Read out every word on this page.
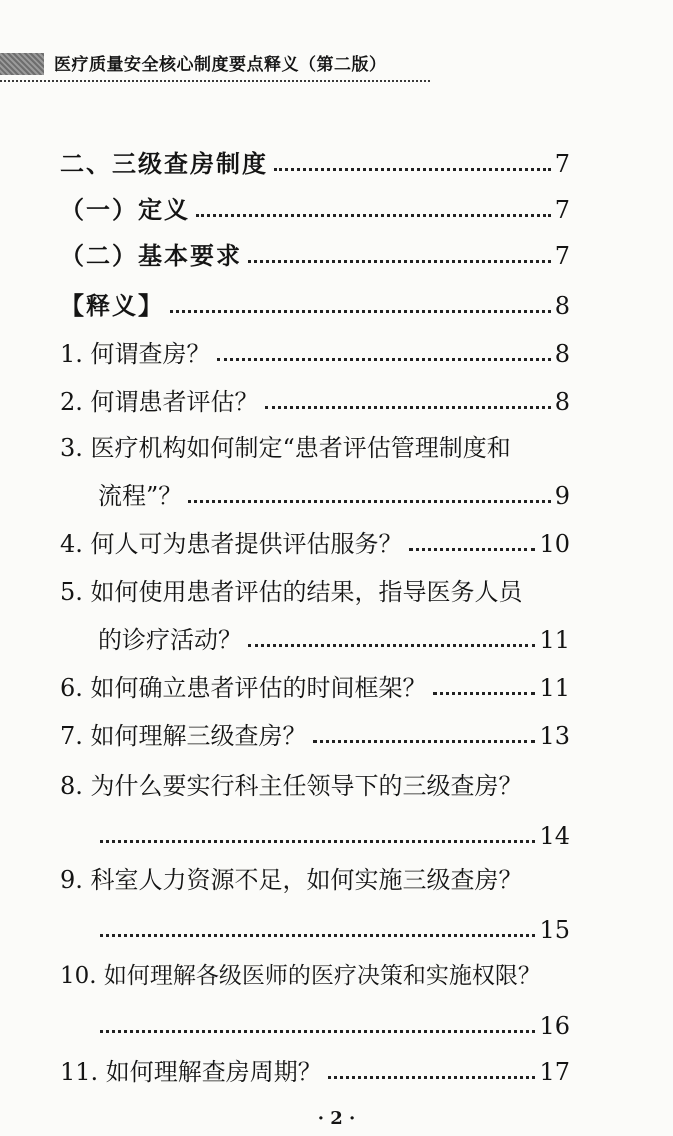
医疗质量安全核心制度要点释义（第二版）
二、三级查房制度	7
（一）定义	7
（二）基本要求	7
【释义】	8
1. 何谓查房？	8
2. 何谓患者评估？	8
3. 医疗机构如何制定“患者评估管理制度和
流程”？	9
4. 何人可为患者提供评估服务？	10
5. 如何使用患者评估的结果，指导医务人员
的诊疗活动？	11
6. 如何确立患者评估的时间框架？	11
7. 如何理解三级查房？	13
8. 为什么要实行科主任领导下的三级查房？
14
9. 科室人力资源不足，如何实施三级查房？
15
10. 如何理解各级医师的医疗决策和实施权限？
16
11. 如何理解查房周期？	17
· 2 ·
